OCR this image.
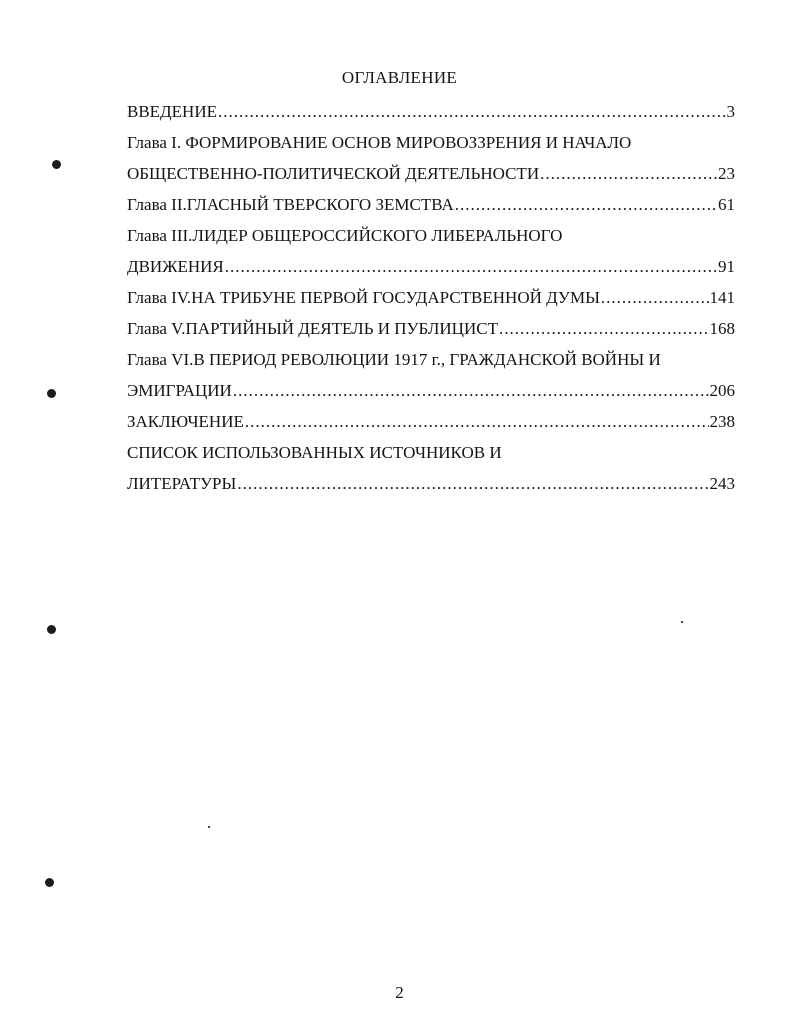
ОГЛАВЛЕНИЕ
ВВЕДЕНИЕ .....	3
Глава I. ФОРМИРОВАНИЕ ОСНОВ МИРОВОЗЗРЕНИЯ И НАЧАЛО
ОБЩЕСТВЕННО-ПОЛИТИЧЕСКОЙ ДЕЯТЕЛЬНОСТИ .....	23
Глава II.ГЛАСНЫЙ ТВЕРСКОГО ЗЕМСТВА .....	61
Глава III.ЛИДЕР ОБЩЕРОССИЙСКОГО ЛИБЕРАЛЬНОГО
ДВИЖЕНИЯ .....	91
Глава IV.НА ТРИБУНЕ ПЕРВОЙ ГОСУДАРСТВЕННОЙ ДУМЫ .....	141
Глава V.ПАРТИЙНЫЙ ДЕЯТЕЛЬ И ПУБЛИЦИСТ .....	168
Глава VI.В ПЕРИОД РЕВОЛЮЦИИ 1917 г., ГРАЖДАНСКОЙ ВОЙНЫ И
ЭМИГРАЦИИ .....	206
ЗАКЛЮЧЕНИЕ .....	238
СПИСОК ИСПОЛЬЗОВАННЫХ ИСТОЧНИКОВ И
ЛИТЕРАТУРЫ .....	243
2
